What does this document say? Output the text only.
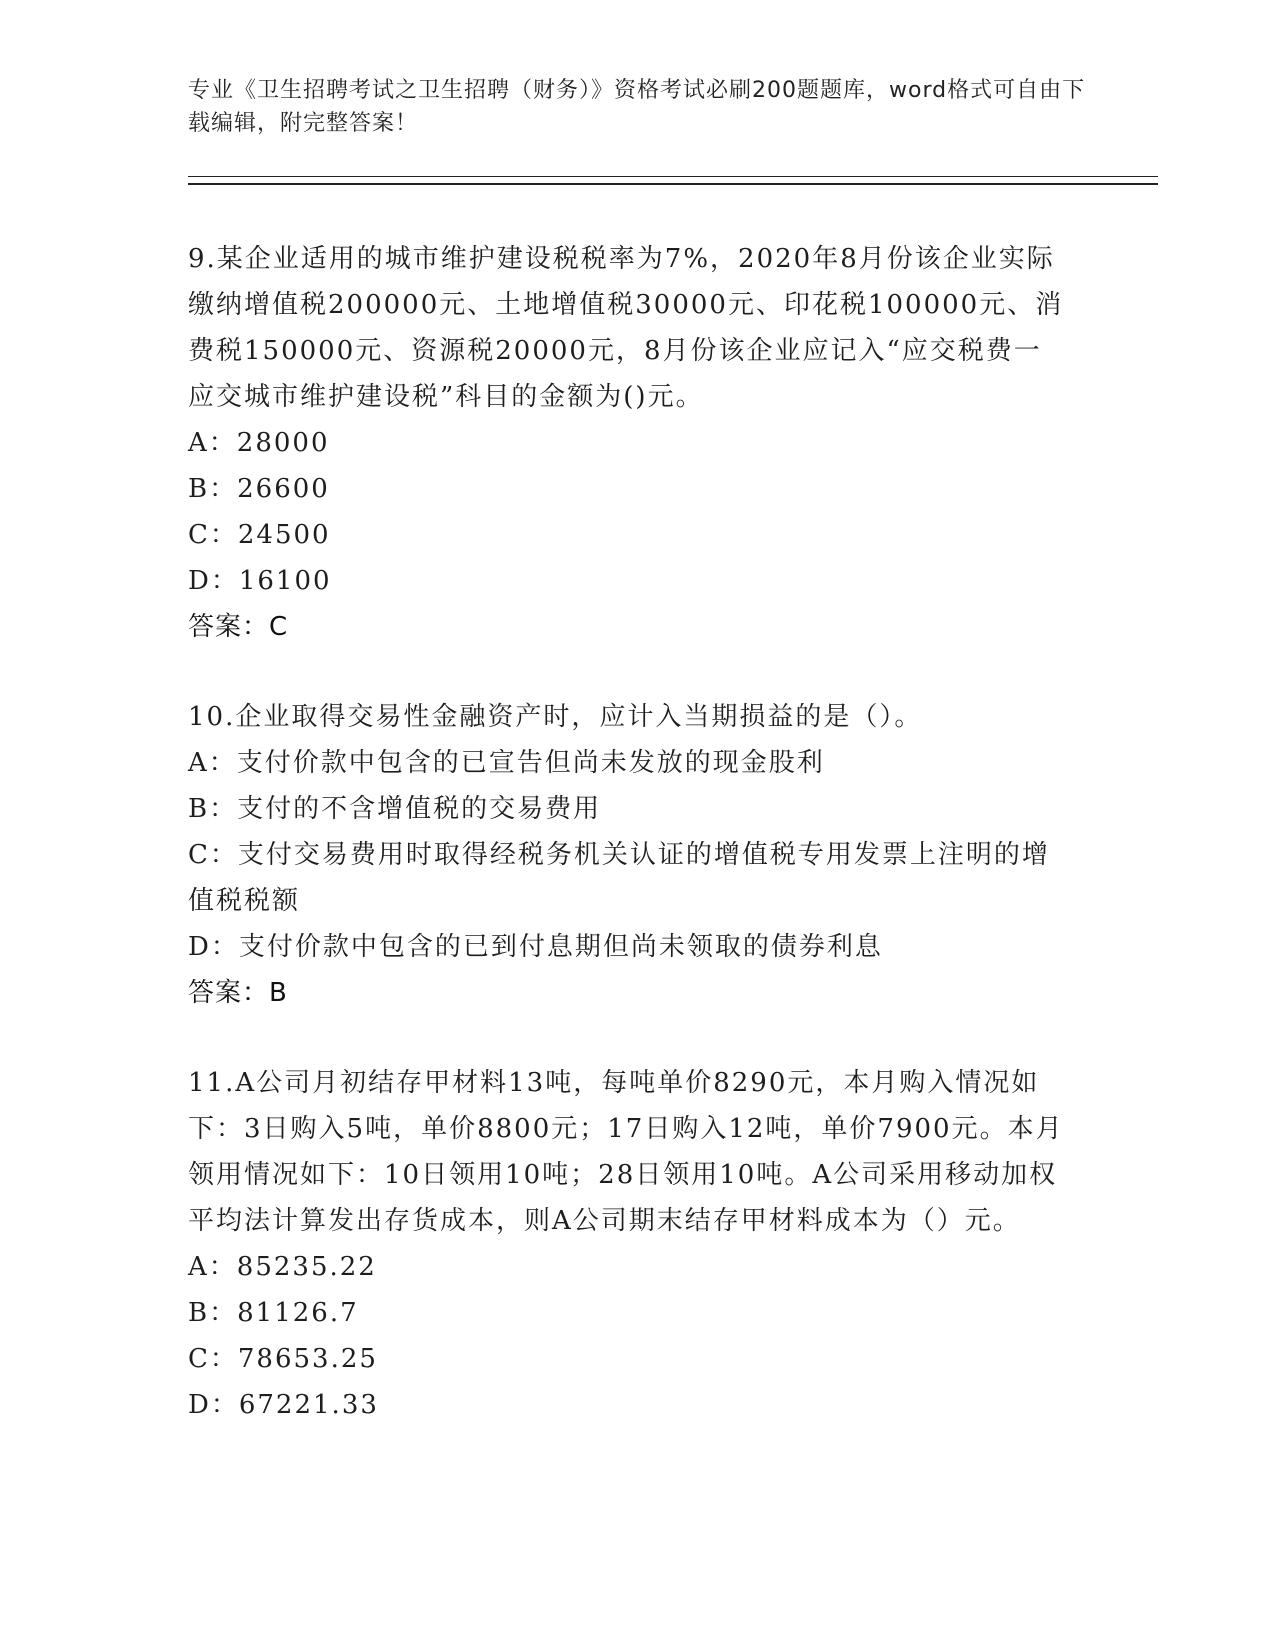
专业《卫生招聘考试之卫生招聘（财务）》资格考试必刷200题题库，word格式可自由下载编辑，附完整答案！
9.某企业适用的城市维护建设税税率为7%，2020年8月份该企业实际缴纳增值税200000元、土地增值税30000元、印花税100000元、消费税150000元、资源税20000元，8月份该企业应记入“应交税费一应交城市维护建设税”科目的金额为()元。
A：28000
B：26600
C：24500
D：16100
答案：C
10.企业取得交易性金融资产时，应计入当期损益的是（）。
A：支付价款中包含的已宣告但尚未发放的现金股利
B：支付的不含增值税的交易费用
C：支付交易费用时取得经税务机关认证的增值税专用发票上注明的增值税税额
D：支付价款中包含的已到付息期但尚未领取的债券利息
答案：B
11.A公司月初结存甲材料13吨，每吨单价8290元，本月购入情况如下：3日购入5吨，单价8800元；17日购入12吨，单价7900元。本月领用情况如下：10日领用10吨；28日领用10吨。A公司采用移动加权平均法计算发出存货成本，则A公司期末结存甲材料成本为（）元。
A：85235.22
B：81126.7
C：78653.25
D：67221.33
